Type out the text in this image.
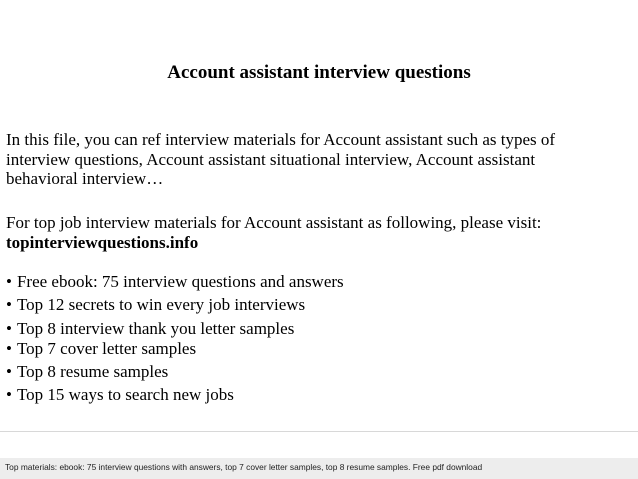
Account assistant interview questions
In this file, you can ref interview materials for Account assistant such as types of
interview questions, Account assistant situational interview, Account assistant
behavioral interview…
For top job interview materials for Account assistant as following, please visit:
topinterviewquestions.info
• Free ebook: 75 interview questions and answers
• Top 12 secrets to win every job interviews
• Top 8 interview thank you letter samples
• Top 7 cover letter samples
• Top 8 resume samples
• Top 15 ways to search new jobs
Top materials: ebook: 75 interview questions with answers, top 7 cover letter samples, top 8 resume samples. Free pdf download
